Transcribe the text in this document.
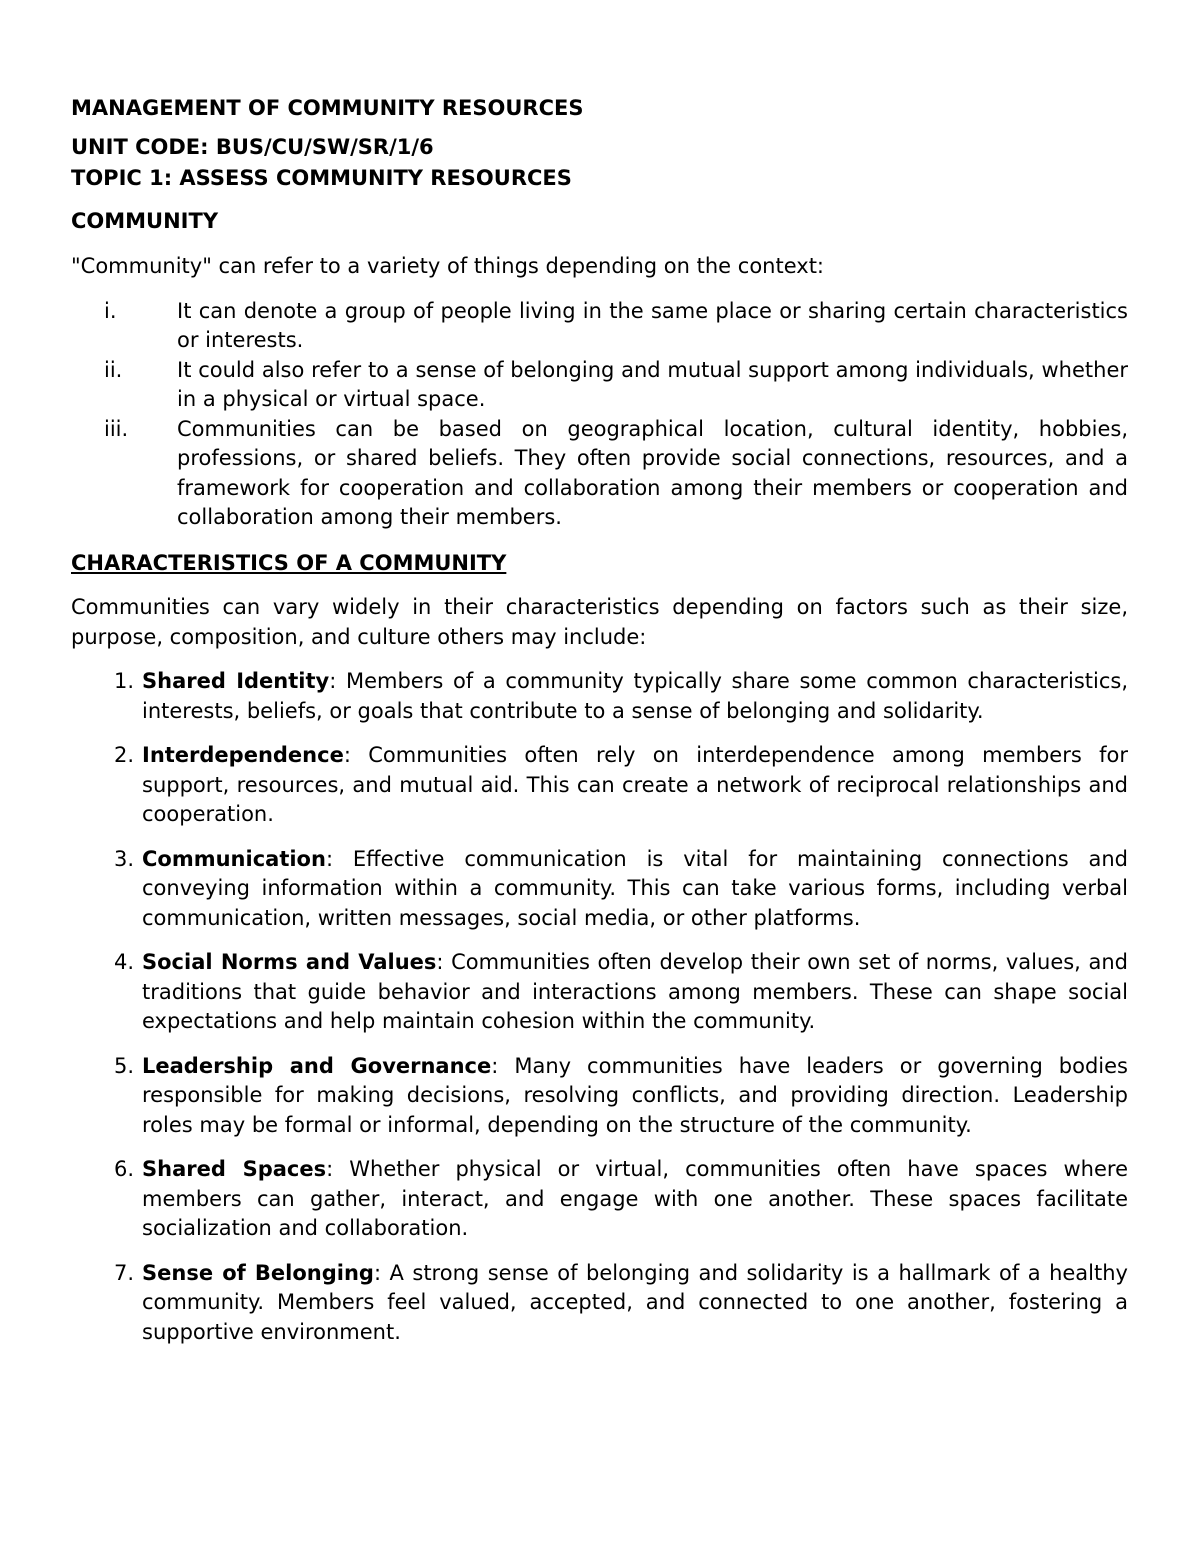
MANAGEMENT OF COMMUNITY RESOURCES

UNIT CODE: BUS/CU/SW/SR/1/6

TOPIC 1: ASSESS COMMUNITY RESOURCES

COMMUNITY

"Community" can refer to a variety of things depending on the context:

i.	It can denote a group of people living in the same place or sharing certain characteristics or interests.
ii.	It could also refer to a sense of belonging and mutual support among individuals, whether in a physical or virtual space.
iii.	Communities can be based on geographical location, cultural identity, hobbies, professions, or shared beliefs. They often provide social connections, resources, and a framework for cooperation and collaboration among their members or cooperation and collaboration among their members.

CHARACTERISTICS OF A COMMUNITY

Communities can vary widely in their characteristics depending on factors such as their size, purpose, composition, and culture others may include:

1. Shared Identity: Members of a community typically share some common characteristics, interests, beliefs, or goals that contribute to a sense of belonging and solidarity.
2. Interdependence: Communities often rely on interdependence among members for support, resources, and mutual aid. This can create a network of reciprocal relationships and cooperation.
3. Communication: Effective communication is vital for maintaining connections and conveying information within a community. This can take various forms, including verbal communication, written messages, social media, or other platforms.
4. Social Norms and Values: Communities often develop their own set of norms, values, and traditions that guide behavior and interactions among members. These can shape social expectations and help maintain cohesion within the community.
5. Leadership and Governance: Many communities have leaders or governing bodies responsible for making decisions, resolving conflicts, and providing direction. Leadership roles may be formal or informal, depending on the structure of the community.
6. Shared Spaces: Whether physical or virtual, communities often have spaces where members can gather, interact, and engage with one another. These spaces facilitate socialization and collaboration.
7. Sense of Belonging: A strong sense of belonging and solidarity is a hallmark of a healthy community. Members feel valued, accepted, and connected to one another, fostering a supportive environment.
